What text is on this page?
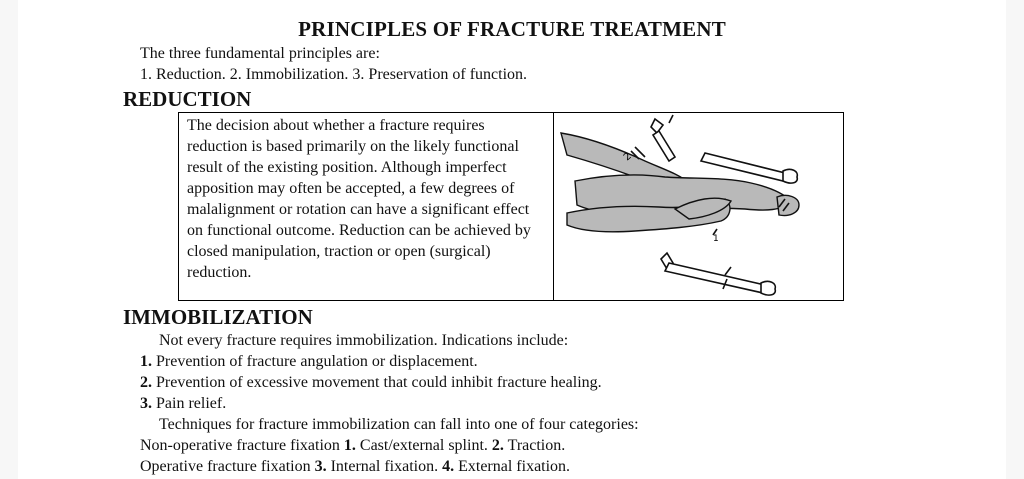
PRINCIPLES OF FRACTURE TREATMENT
The three fundamental principles are:
1. Reduction. 2. Immobilization. 3. Preservation of function.
REDUCTION
The decision about whether a fracture requires reduction is based primarily on the likely functional result of the existing position. Although imperfect apposition may often be accepted, a few degrees of malalignment or rotation can have a significant effect on functional outcome. Reduction can be achieved by closed manipulation, traction or open (surgical) reduction.
2
1
IMMOBILIZATION
Not every fracture requires immobilization. Indications include:
1. Prevention of fracture angulation or displacement.
2. Prevention of excessive movement that could inhibit fracture healing.
3. Pain relief.
Techniques for fracture immobilization can fall into one of four categories:
Non-operative fracture fixation 1. Cast/external splint. 2. Traction.
Operative fracture fixation 3. Internal fixation. 4. External fixation.
